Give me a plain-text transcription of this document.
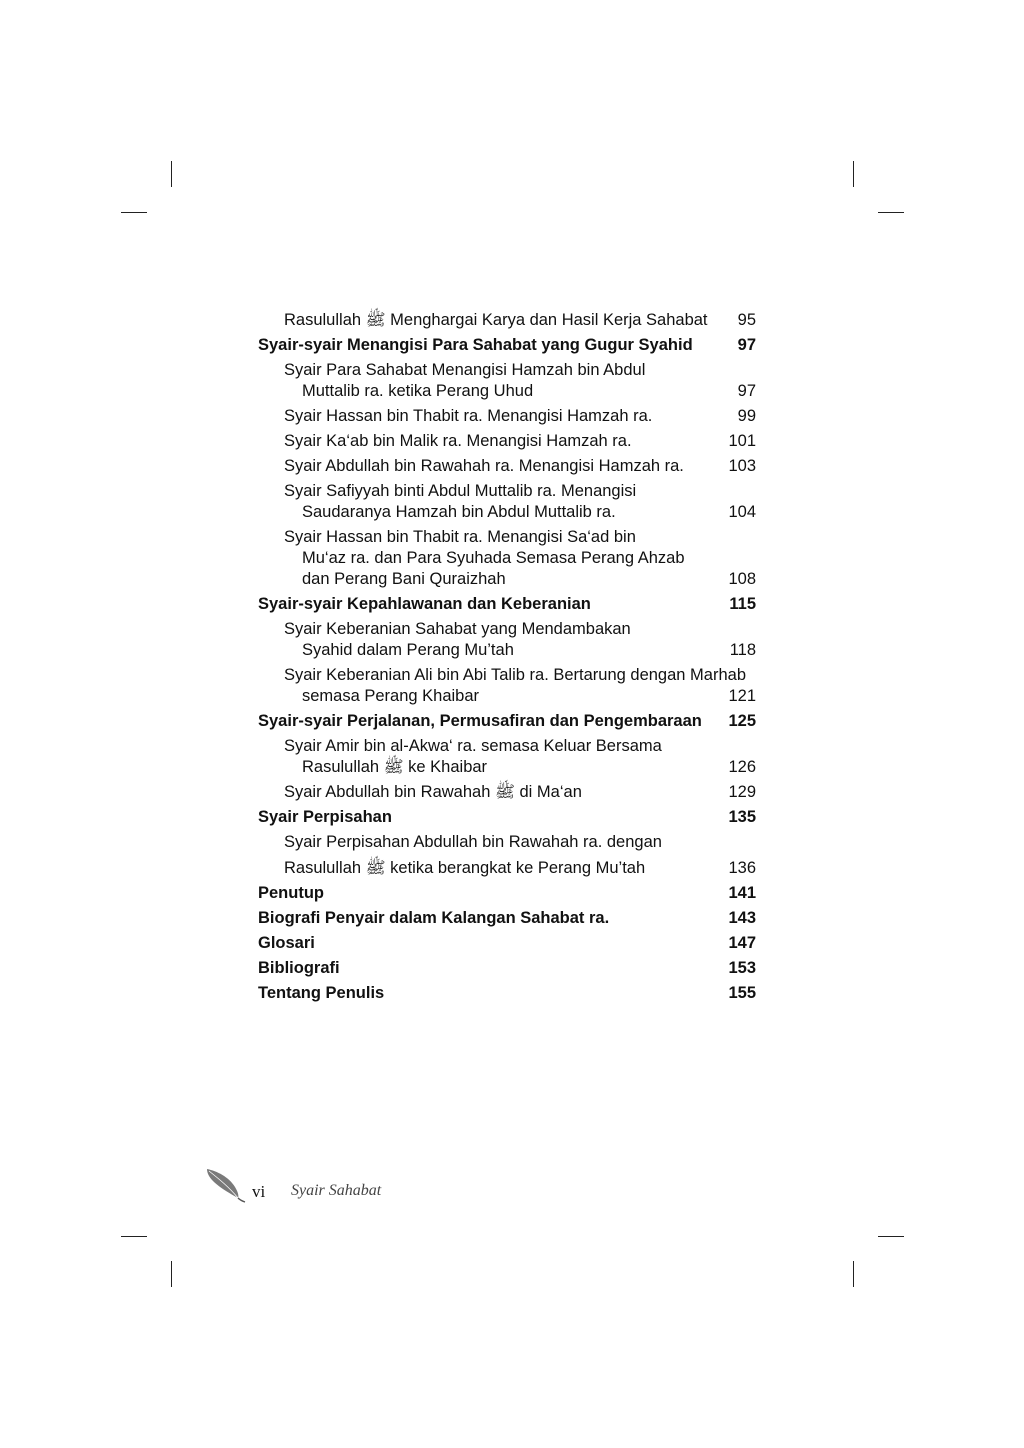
Rasulullah ﷺ Menghargai Karya dan Hasil Kerja Sahabat 95
Syair-syair Menangisi Para Sahabat yang Gugur Syahid	97
Syair Para Sahabat Menangisi Hamzah bin Abdul
Muttalib ra. ketika Perang Uhud	97
Syair Hassan bin Thabit ra. Menangisi Hamzah ra.	99
Syair Ka‘ab bin Malik ra. Menangisi Hamzah ra.	101
Syair Abdullah bin Rawahah ra. Menangisi Hamzah ra.	103
Syair Safiyyah binti Abdul Muttalib ra. Menangisi
Saudaranya Hamzah bin Abdul Muttalib ra.	104
Syair Hassan bin Thabit ra. Menangisi Sa‘ad bin
Mu‘az ra. dan Para Syuhada Semasa Perang Ahzab
dan Perang Bani Quraizhah	108
Syair-syair Kepahlawanan dan Keberanian	115
Syair Keberanian Sahabat yang Mendambakan
Syahid dalam Perang Mu’tah	118
Syair Keberanian Ali bin Abi Talib ra. Bertarung dengan Marhab
semasa Perang Khaibar	121
Syair-syair Perjalanan, Permusafiran dan Pengembaraan 125
Syair Amir bin al-Akwa‘ ra. semasa Keluar Bersama
Rasulullah ﷺ ke Khaibar	126
Syair Abdullah bin Rawahah ﷺ di Ma‘an	129
Syair Perpisahan	135
Syair Perpisahan Abdullah bin Rawahah ra. dengan
Rasulullah ﷺ ketika berangkat ke Perang Mu’tah	136
Penutup	141
Biografi Penyair dalam Kalangan Sahabat ra.	143
Glosari	147
Bibliografi	153
Tentang Penulis	155
vi Syair Sahabat
